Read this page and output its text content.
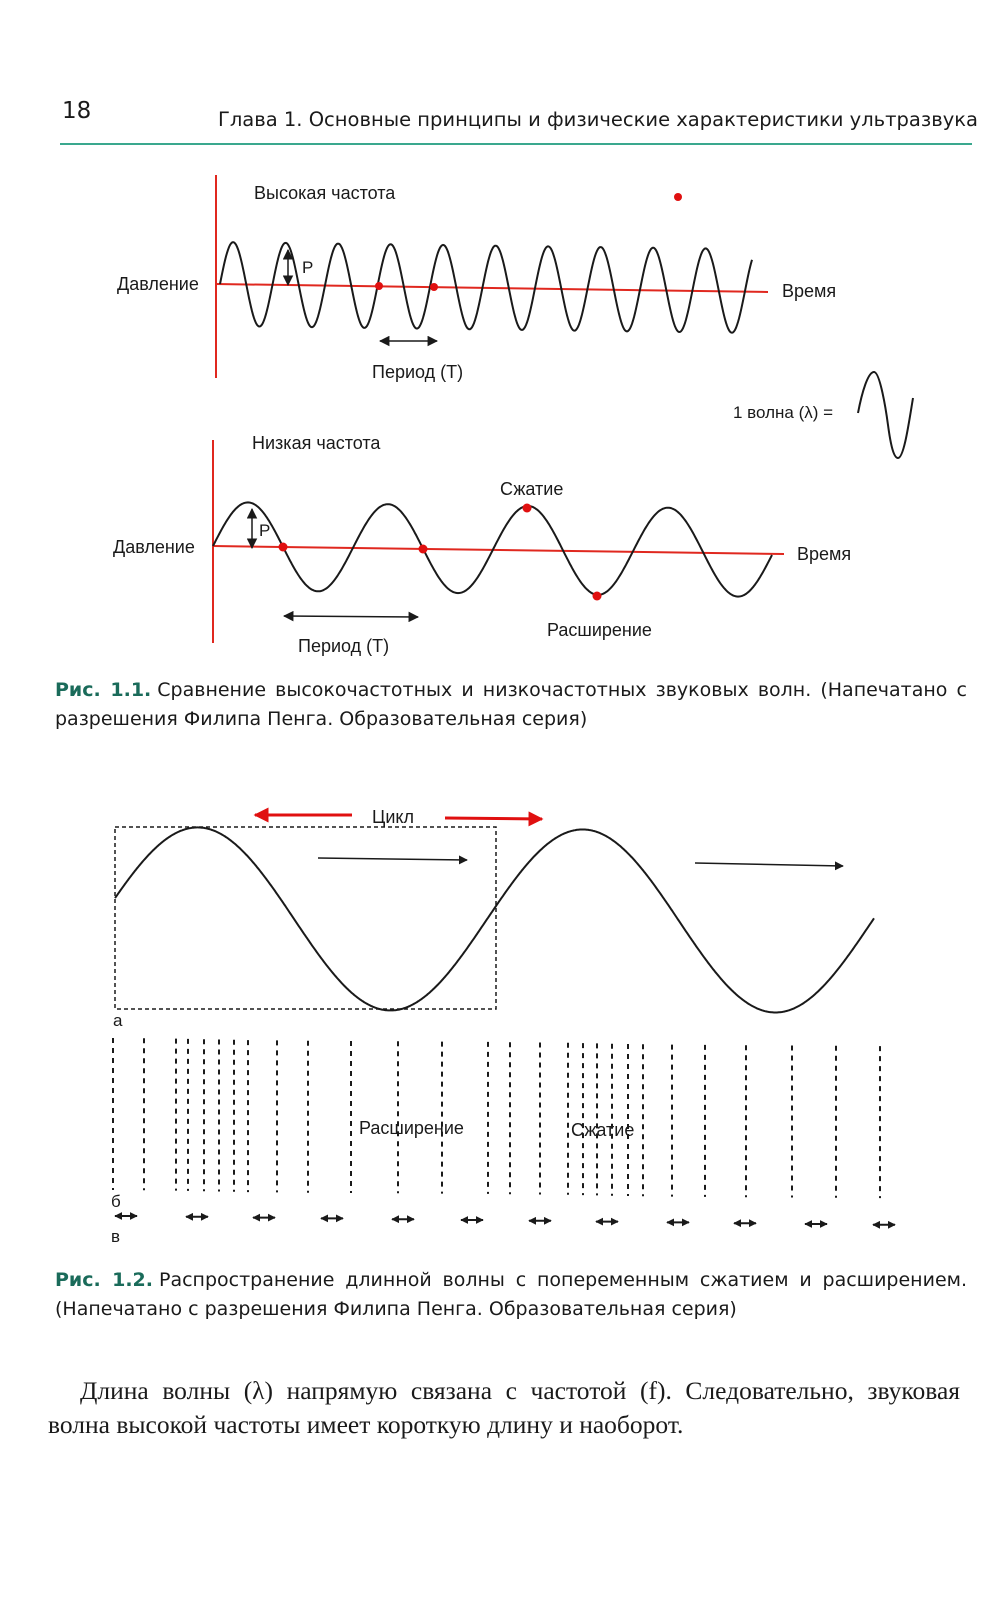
18	Глава 1. Основные принципы и физические характеристики ультразвука
Высокая частота
Давление	Время
P
Период (T)
1 волна (λ) =
Низкая частота
Давление	Время
P
Период (T)
Сжатие
Расширение
Рис. 1.1. Сравнение высокочастотных и низкочастотных звуковых волн. (Напечатано с разрешения Филипа Пенга. Образовательная серия)
Цикл
а
Расширение	Сжатие
б
в
Рис. 1.2. Распространение длинной волны с попеременным сжатием и расширением. (Напечатано с разрешения Филипа Пенга. Образовательная серия)
Длина волны (λ) напрямую связана с частотой (f). Следовательно, звуковая волна высокой частоты имеет короткую длину и наоборот.
